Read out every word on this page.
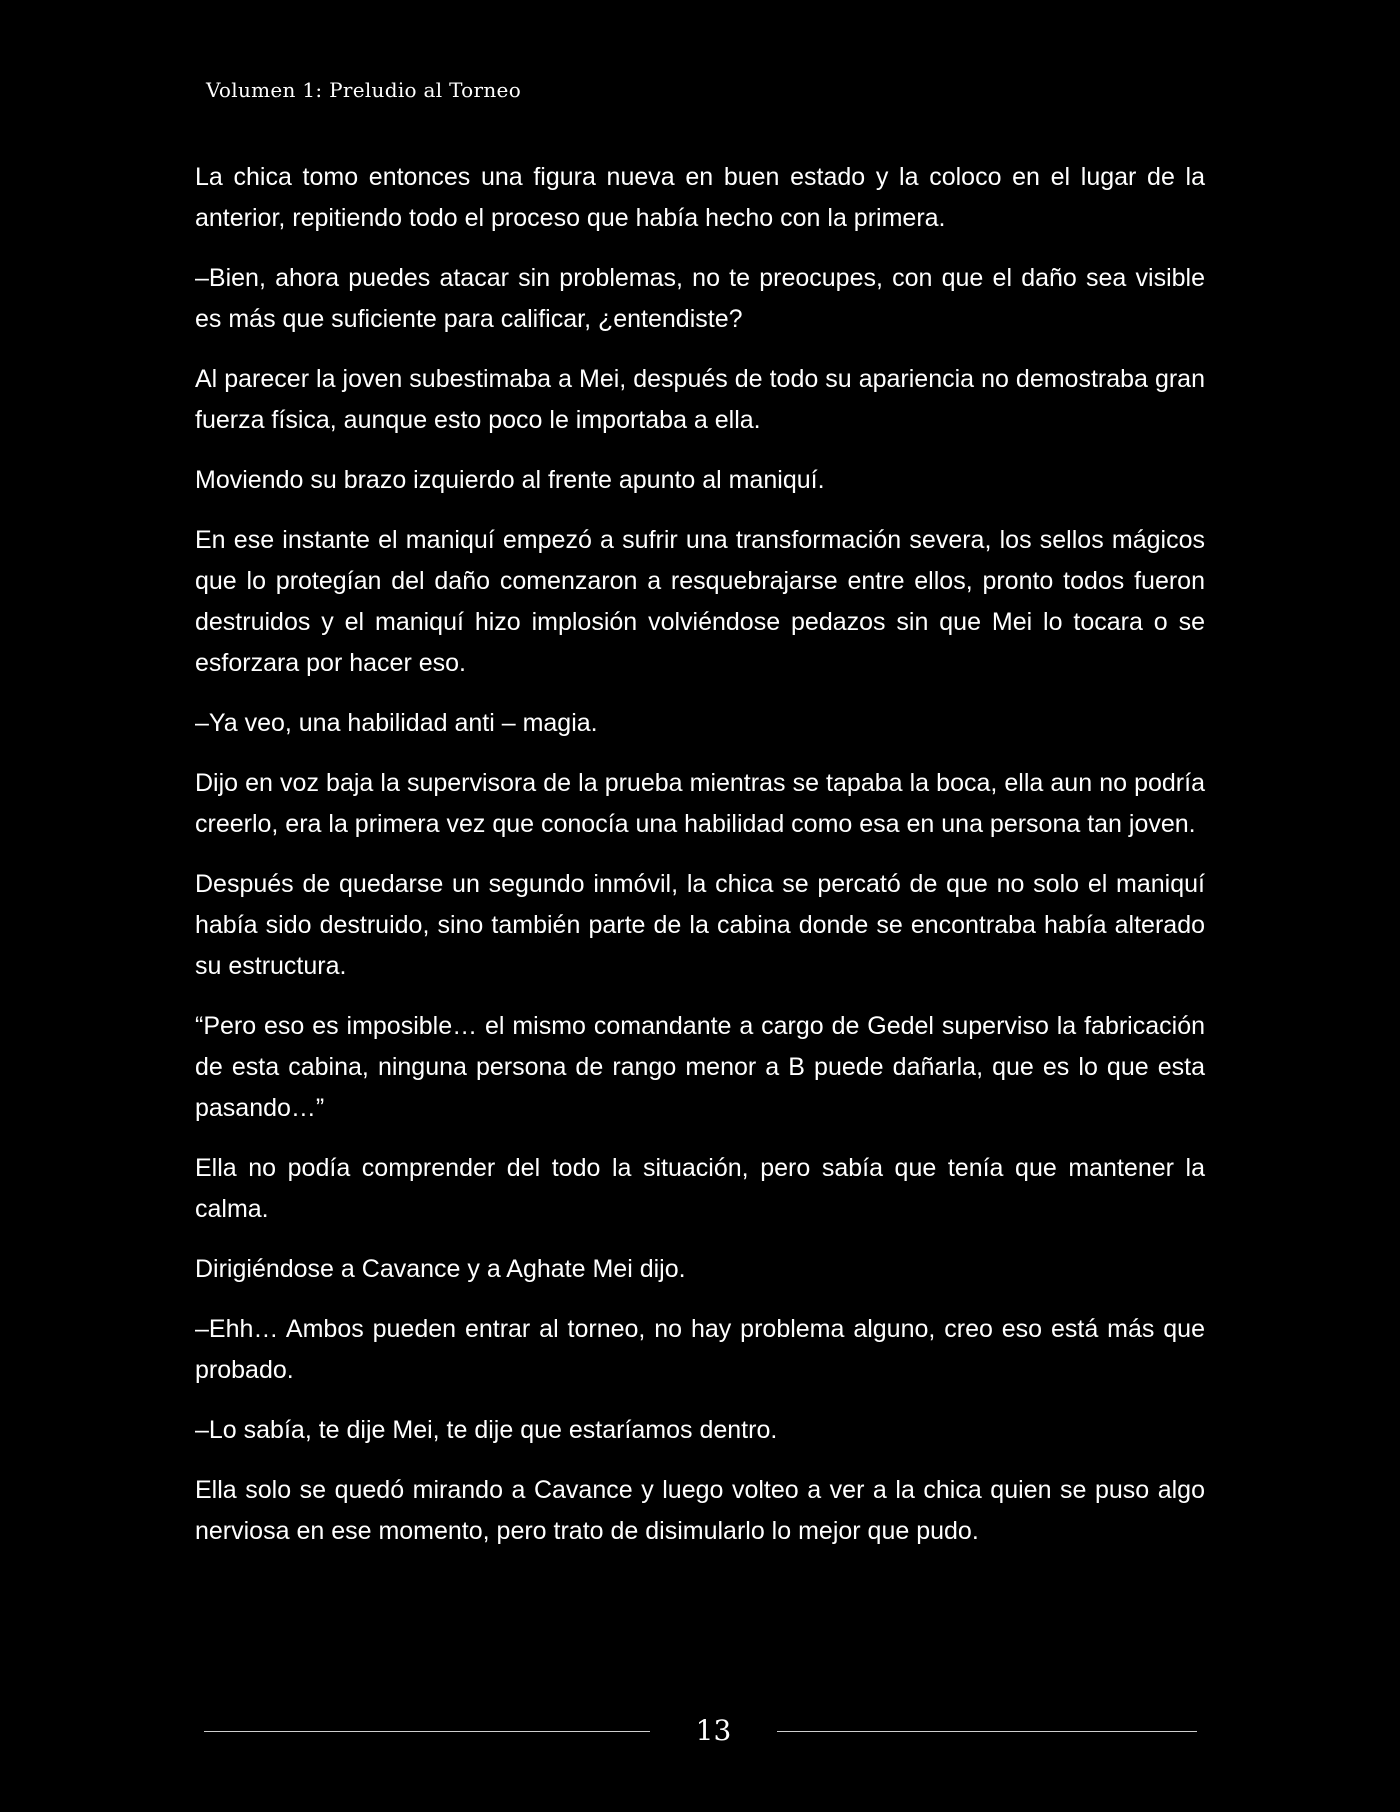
Volumen 1: Preludio al Torneo

La chica tomo entonces una figura nueva en buen estado y la coloco en el lugar de la anterior, repitiendo todo el proceso que había hecho con la primera.

–Bien, ahora puedes atacar sin problemas, no te preocupes, con que el daño sea visible es más que suficiente para calificar, ¿entendiste?

Al parecer la joven subestimaba a Mei, después de todo su apariencia no demostraba gran fuerza física, aunque esto poco le importaba a ella.

Moviendo su brazo izquierdo al frente apunto al maniquí.

En ese instante el maniquí empezó a sufrir una transformación severa, los sellos mágicos que lo protegían del daño comenzaron a resquebrajarse entre ellos, pronto todos fueron destruidos y el maniquí hizo implosión volviéndose pedazos sin que Mei lo tocara o se esforzara por hacer eso.

–Ya veo, una habilidad anti – magia.

Dijo en voz baja la supervisora de la prueba mientras se tapaba la boca, ella aun no podría creerlo, era la primera vez que conocía una habilidad como esa en una persona tan joven.

Después de quedarse un segundo inmóvil, la chica se percató de que no solo el maniquí había sido destruido, sino también parte de la cabina donde se encontraba había alterado su estructura.

“Pero eso es imposible… el mismo comandante a cargo de Gedel superviso la fabricación de esta cabina, ninguna persona de rango menor a B puede dañarla, que es lo que esta pasando…”

Ella no podía comprender del todo la situación, pero sabía que tenía que mantener la calma.

Dirigiéndose a Cavance y a Aghate Mei dijo.

–Ehh… Ambos pueden entrar al torneo, no hay problema alguno, creo eso está más que probado.

–Lo sabía, te dije Mei, te dije que estaríamos dentro.

Ella solo se quedó mirando a Cavance y luego volteo a ver a la chica quien se puso algo nerviosa en ese momento, pero trato de disimularlo lo mejor que pudo.

13
